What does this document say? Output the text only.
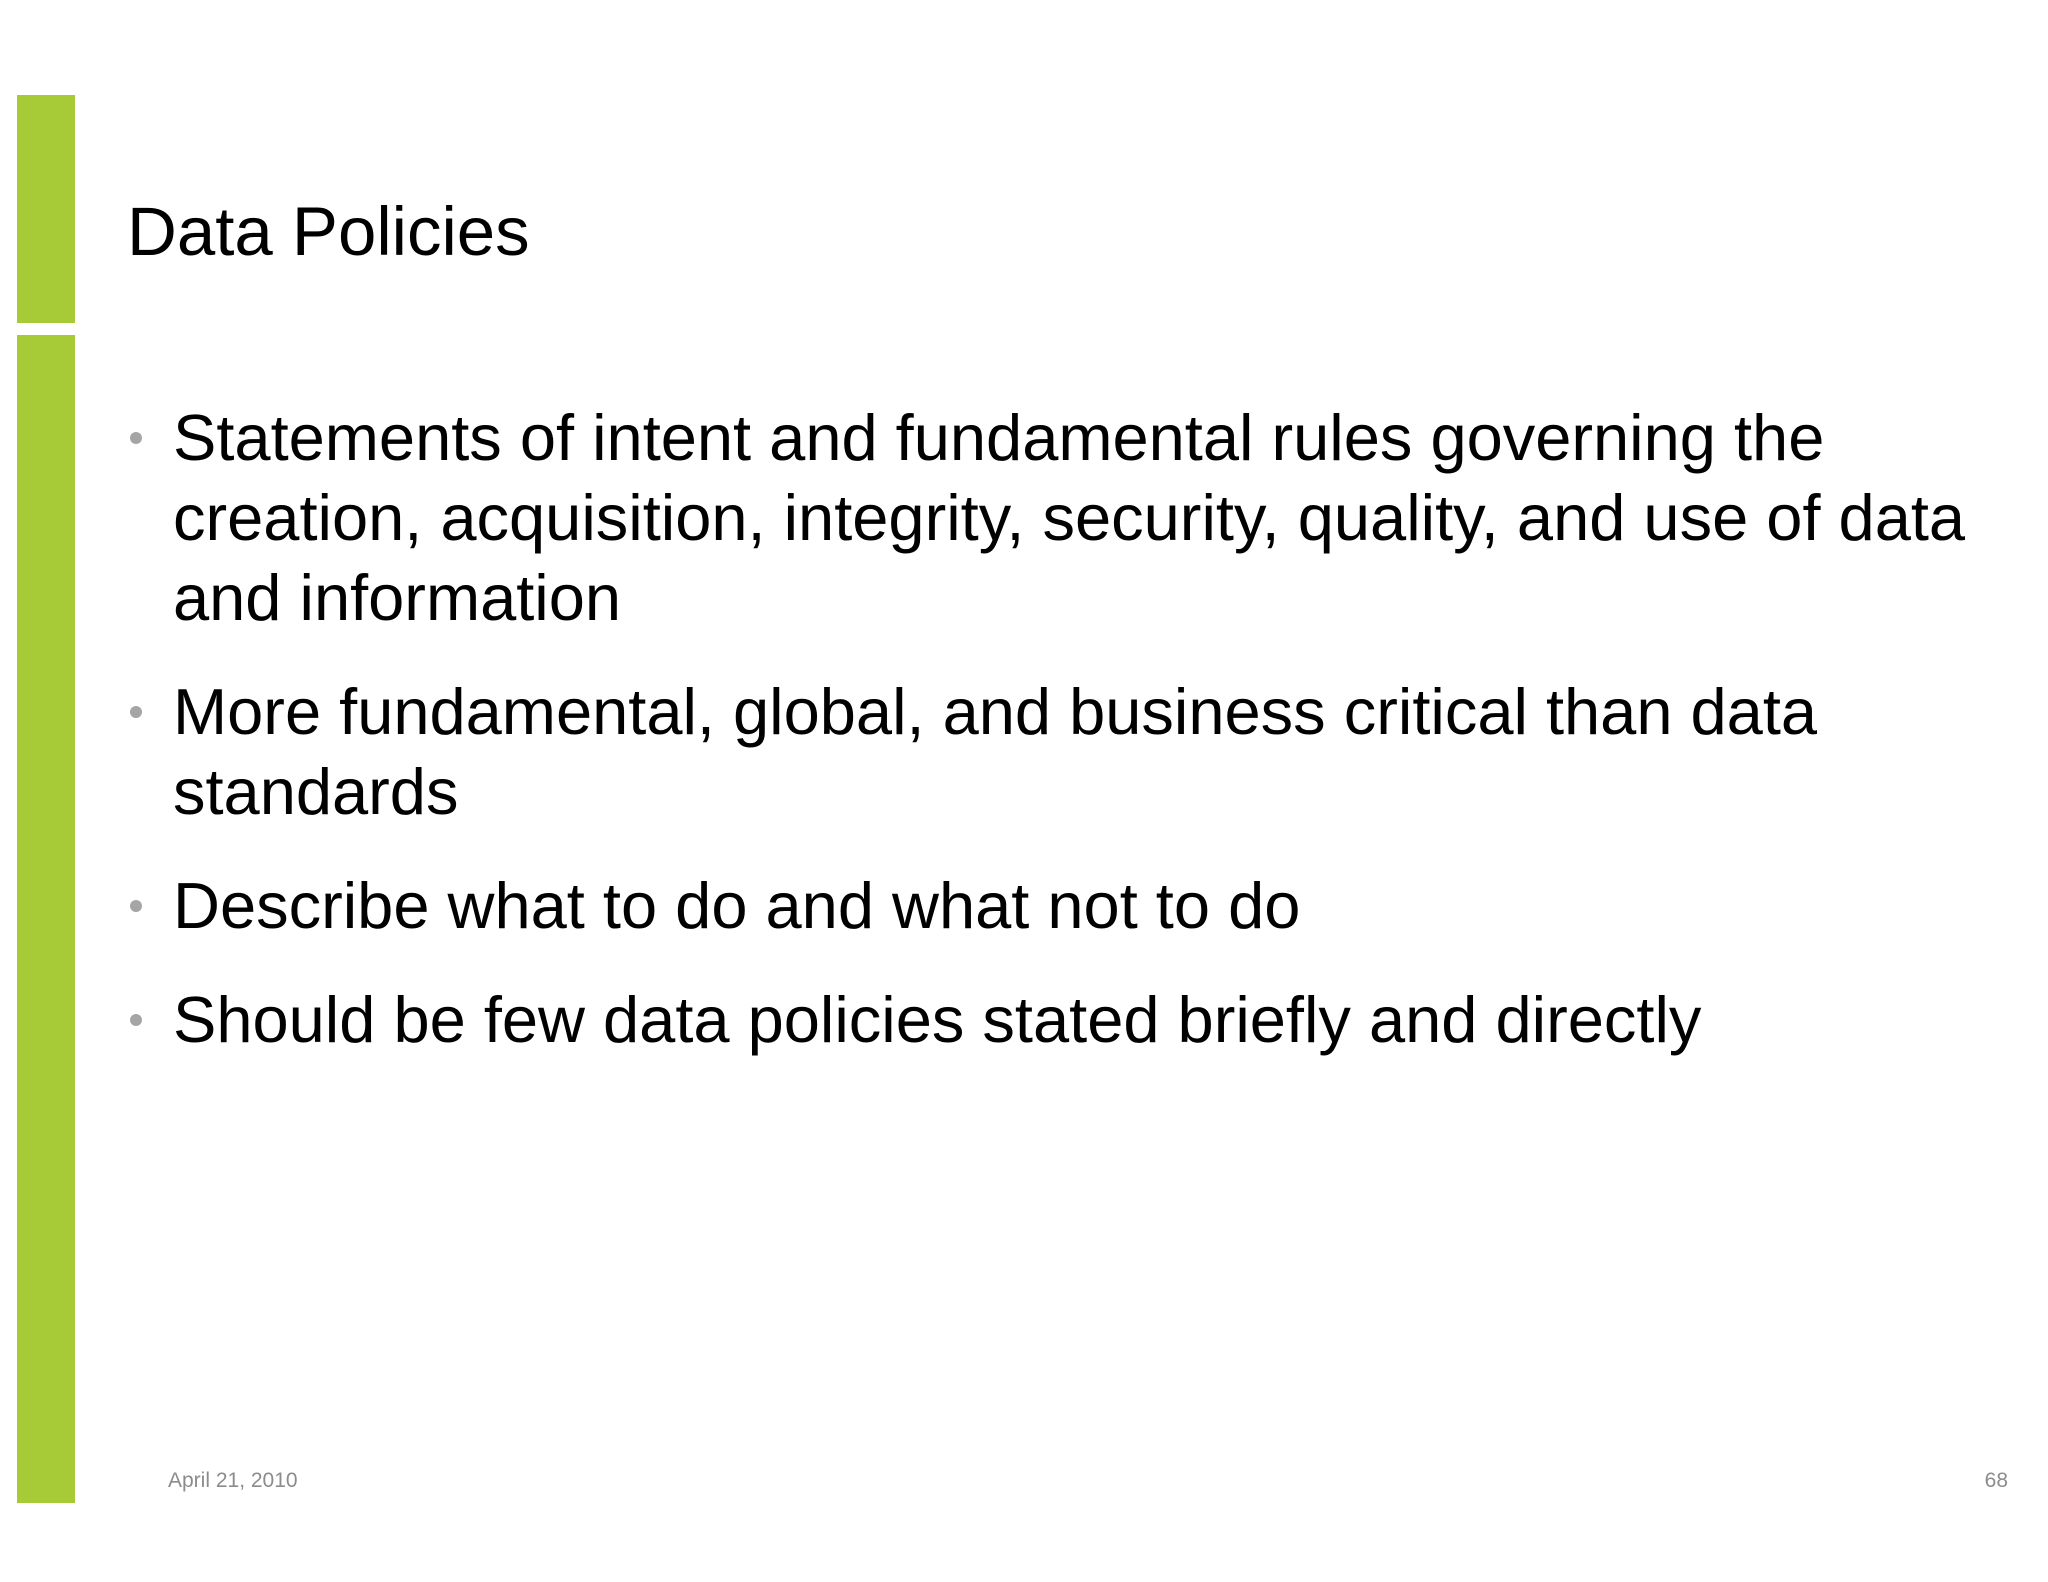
Data Policies
Statements of intent and fundamental rules governing the creation, acquisition, integrity, security, quality, and use of data and information
More fundamental, global, and business critical than data standards
Describe what to do and what not to do
Should be few data policies stated briefly and directly
April 21, 2010	68
